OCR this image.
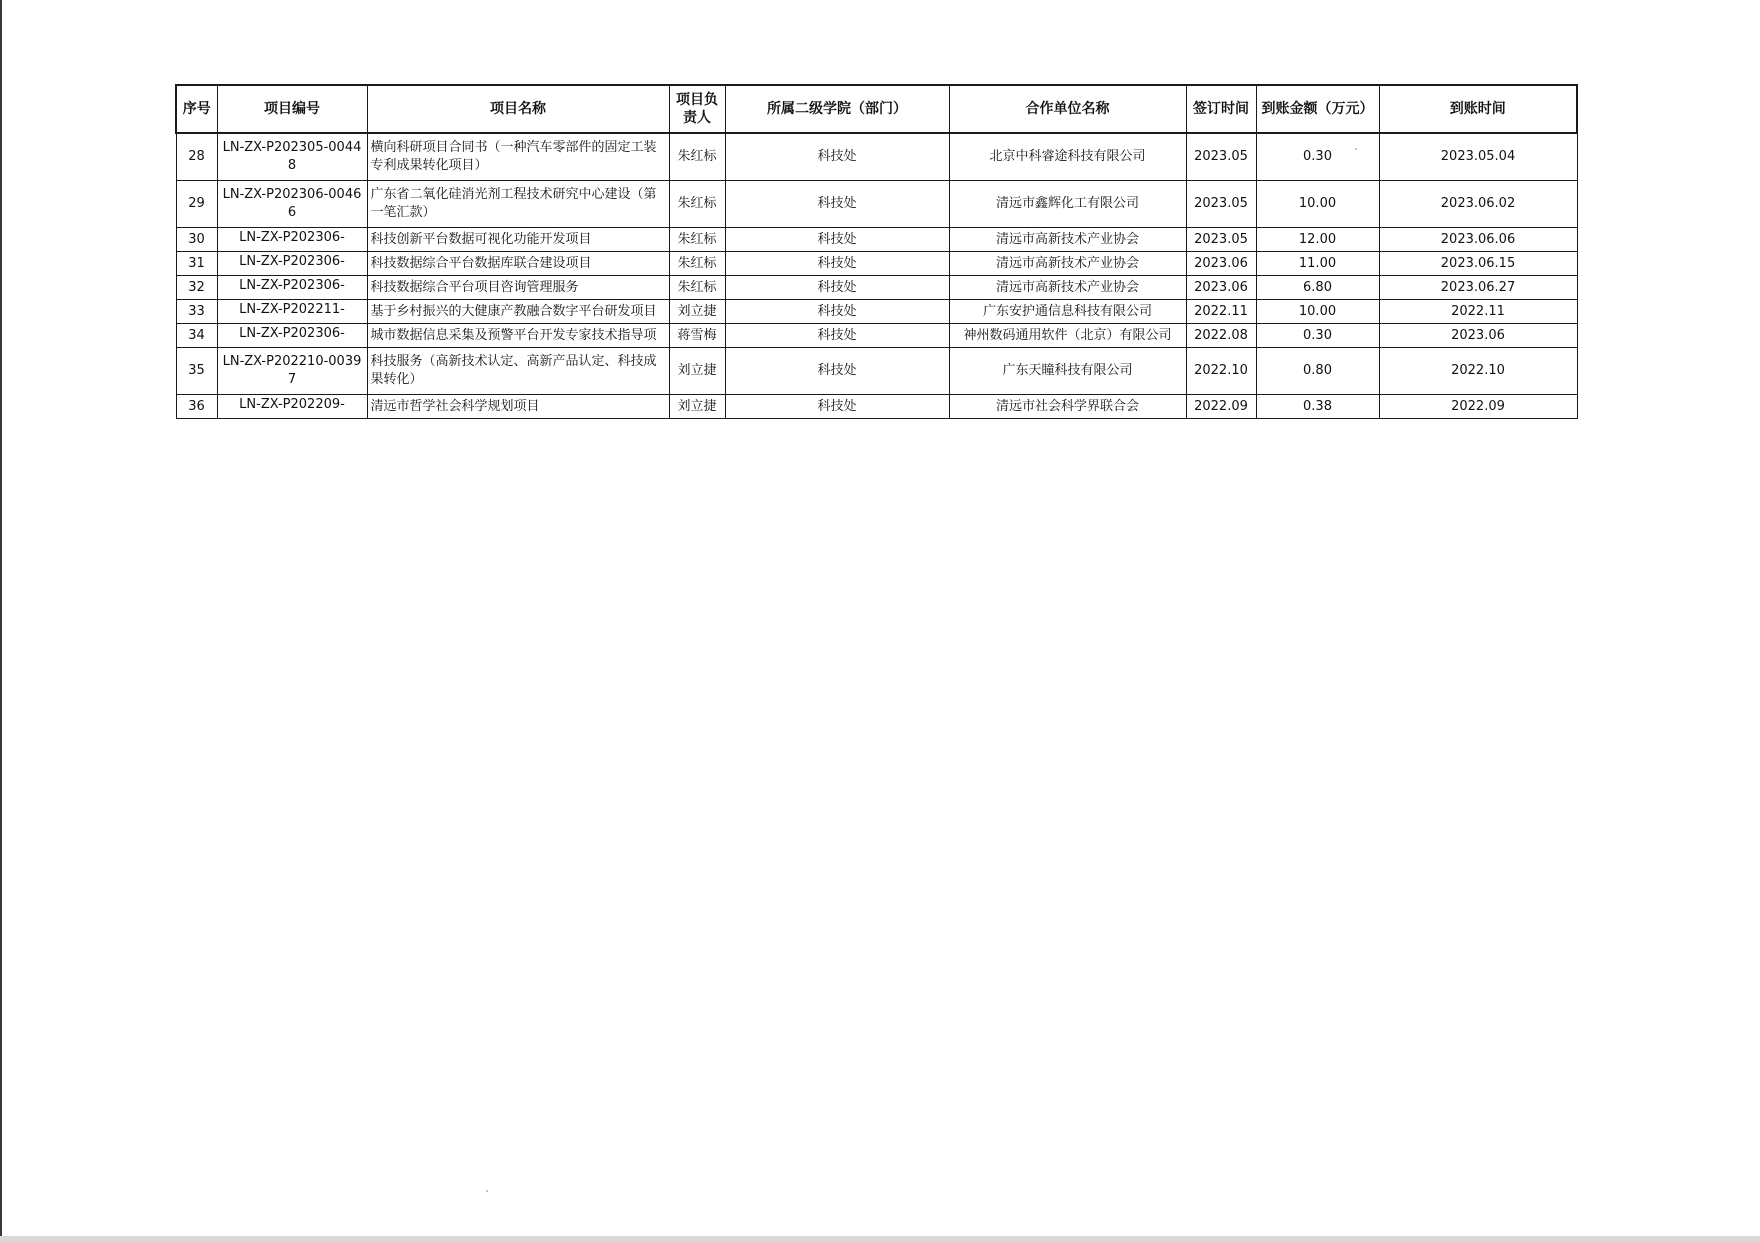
序号	项目编号	项目名称	项目负责人	所属二级学院（部门）	合作单位名称	签订时间	到账金额（万元）	到账时间
28	LN-ZX-P202305-00448	横向科研项目合同书（一种汽车零部件的固定工装专利成果转化项目）	朱红标	科技处	北京中科睿途科技有限公司	2023.05	0.30	2023.05.04
29	LN-ZX-P202306-00466	广东省二氧化硅消光剂工程技术研究中心建设（第一笔汇款）	朱红标	科技处	清远市鑫辉化工有限公司	2023.05	10.00	2023.06.02
30	LN-ZX-P202306-	科技创新平台数据可视化功能开发项目	朱红标	科技处	清远市高新技术产业协会	2023.05	12.00	2023.06.06
31	LN-ZX-P202306-	科技数据综合平台数据库联合建设项目	朱红标	科技处	清远市高新技术产业协会	2023.06	11.00	2023.06.15
32	LN-ZX-P202306-	科技数据综合平台项目咨询管理服务	朱红标	科技处	清远市高新技术产业协会	2023.06	6.80	2023.06.27
33	LN-ZX-P202211-	基于乡村振兴的大健康产教融合数字平台研发项目	刘立捷	科技处	广东安护通信息科技有限公司	2022.11	10.00	2022.11
34	LN-ZX-P202306-	城市数据信息采集及预警平台开发专家技术指导项	蒋雪梅	科技处	神州数码通用软件（北京）有限公司	2022.08	0.30	2023.06
35	LN-ZX-P202210-00397	科技服务（高新技术认定、高新产品认定、科技成果转化）	刘立捷	科技处	广东天瞳科技有限公司	2022.10	0.80	2022.10
36	LN-ZX-P202209-	清远市哲学社会科学规划项目	刘立捷	科技处	清远市社会科学界联合会	2022.09	0.38	2022.09
